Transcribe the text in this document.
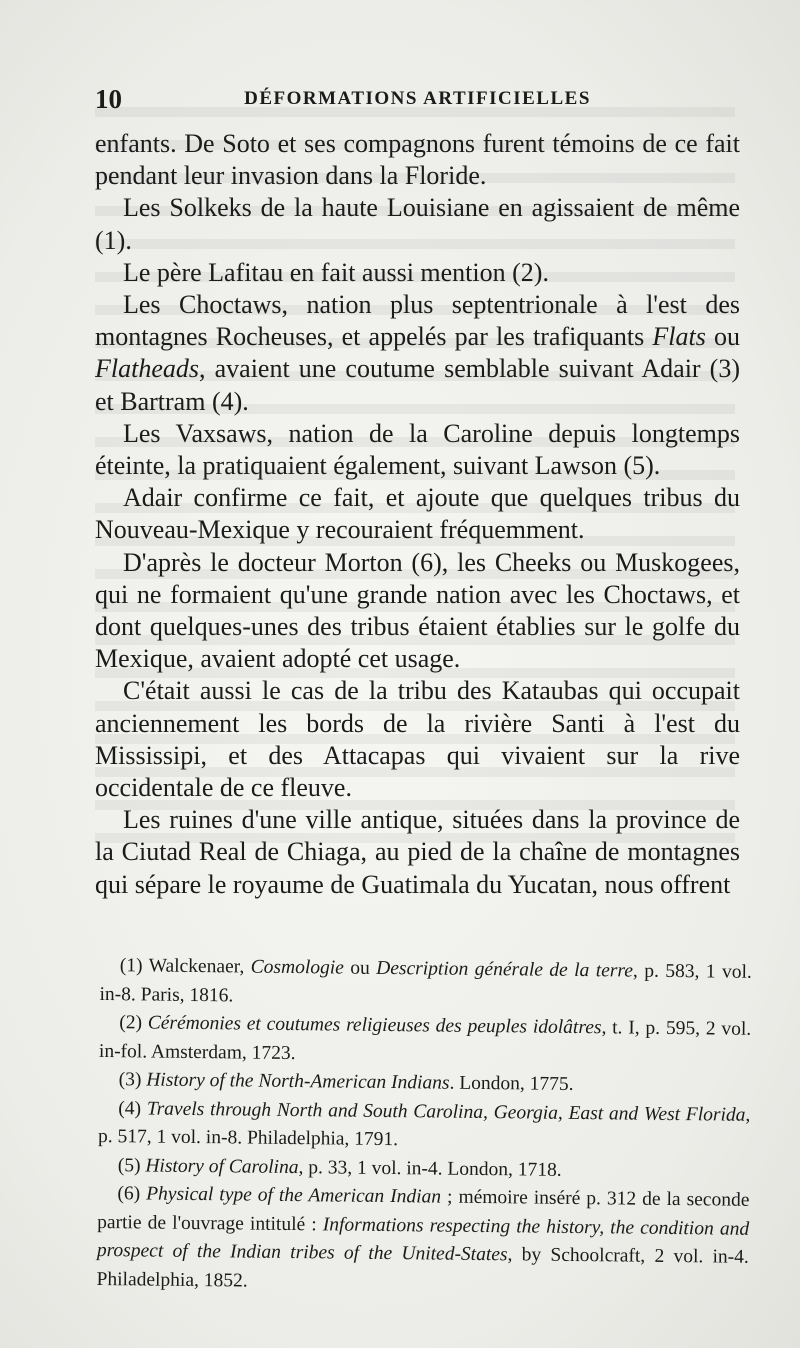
10	DÉFORMATIONS ARTIFICIELLES

enfants. De Soto et ses compagnons furent témoins de ce fait pendant leur invasion dans la Floride.

Les Solkeks de la haute Louisiane en agissaient de même (1).

Le père Lafitau en fait aussi mention (2).

Les Choctaws, nation plus septentrionale à l'est des montagnes Rocheuses, et appelés par les trafiquants Flats ou Flatheads, avaient une coutume semblable suivant Adair (3) et Bartram (4).

Les Vaxsaws, nation de la Caroline depuis longtemps éteinte, la pratiquaient également, suivant Lawson (5).

Adair confirme ce fait, et ajoute que quelques tribus du Nouveau-Mexique y recouraient fréquemment.

D'après le docteur Morton (6), les Cheeks ou Muskogees, qui ne formaient qu'une grande nation avec les Choctaws, et dont quelques-unes des tribus étaient établies sur le golfe du Mexique, avaient adopté cet usage.

C'était aussi le cas de la tribu des Kataubas qui occupait anciennement les bords de la rivière Santi à l'est du Mississipi, et des Attacapas qui vivaient sur la rive occidentale de ce fleuve.

Les ruines d'une ville antique, situées dans la province de la Ciutad Real de Chiaga, au pied de la chaîne de montagnes qui sépare le royaume de Guatimala du Yucatan, nous offrent

(1) Walckenaer, Cosmologie ou Description générale de la terre, p. 583, 1 vol. in-8. Paris, 1816.

(2) Cérémonies et coutumes religieuses des peuples idolâtres, t. I, p. 595, 2 vol. in-fol. Amsterdam, 1723.

(3) History of the North-American Indians. London, 1775.

(4) Travels through North and South Carolina, Georgia, East and West Florida, p. 517, 1 vol. in-8. Philadelphia, 1791.

(5) History of Carolina, p. 33, 1 vol. in-4. London, 1718.

(6) Physical type of the American Indian ; mémoire inséré p. 312 de la seconde partie de l'ouvrage intitulé : Informations respecting the history, the condition and prospect of the Indian tribes of the United-States, by Schoolcraft, 2 vol. in-4. Philadelphia, 1852.
